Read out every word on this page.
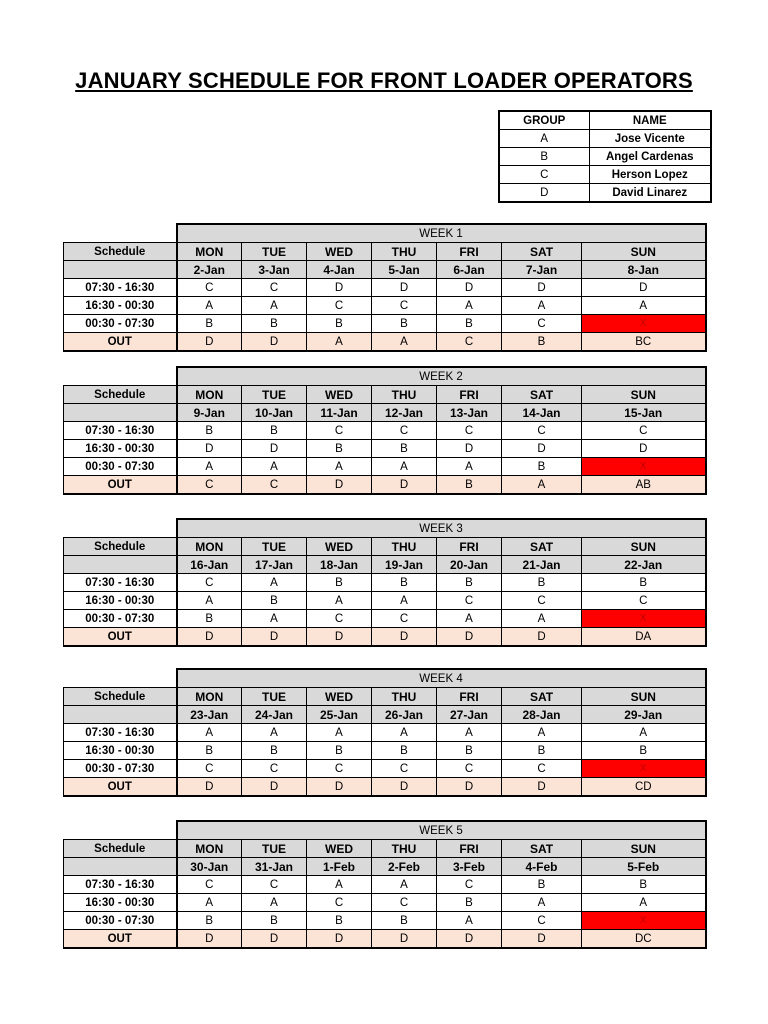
JANUARY SCHEDULE FOR FRONT LOADER OPERATORS
GROUP	NAME
A	Jose Vicente
B	Angel Cardenas
C	Herson Lopez
D	David Linarez
	WEEK 1						
Schedule	MON	TUE	WED	THU	FRI	SAT	SUN
	2-Jan	3-Jan	4-Jan	5-Jan	6-Jan	7-Jan	8-Jan
07:30 - 16:30	C	C	D	D	D	D	D
16:30 - 00:30	A	A	C	C	A	A	A
00:30 - 07:30	B	B	B	B	B	C	X
OUT	D	D	A	A	C	B	BC
	WEEK 2						
Schedule	MON	TUE	WED	THU	FRI	SAT	SUN
	9-Jan	10-Jan	11-Jan	12-Jan	13-Jan	14-Jan	15-Jan
07:30 - 16:30	B	B	C	C	C	C	C
16:30 - 00:30	D	D	B	B	D	D	D
00:30 - 07:30	A	A	A	A	A	B	X
OUT	C	C	D	D	B	A	AB
	WEEK 3						
Schedule	MON	TUE	WED	THU	FRI	SAT	SUN
	16-Jan	17-Jan	18-Jan	19-Jan	20-Jan	21-Jan	22-Jan
07:30 - 16:30	C	A	B	B	B	B	B
16:30 - 00:30	A	B	A	A	C	C	C
00:30 - 07:30	B	A	C	C	A	A	X
OUT	D	D	D	D	D	D	DA
	WEEK 4						
Schedule	MON	TUE	WED	THU	FRI	SAT	SUN
	23-Jan	24-Jan	25-Jan	26-Jan	27-Jan	28-Jan	29-Jan
07:30 - 16:30	A	A	A	A	A	A	A
16:30 - 00:30	B	B	B	B	B	B	B
00:30 - 07:30	C	C	C	C	C	C	X
OUT	D	D	D	D	D	D	CD
	WEEK 5						
Schedule	MON	TUE	WED	THU	FRI	SAT	SUN
	30-Jan	31-Jan	1-Feb	2-Feb	3-Feb	4-Feb	5-Feb
07:30 - 16:30	C	C	A	A	C	B	B
16:30 - 00:30	A	A	C	C	B	A	A
00:30 - 07:30	B	B	B	B	A	C	X
OUT	D	D	D	D	D	D	DC
